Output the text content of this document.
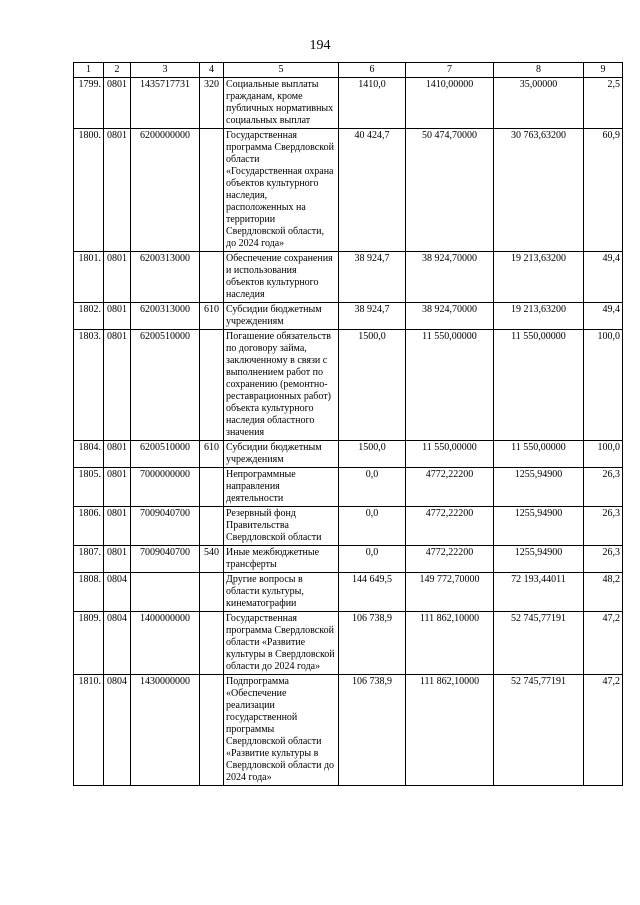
194
1	2	3	4	5	6	7	8	9
1799.	0801	1435717731	320	Социальные выплаты гражданам, кроме публичных нормативных социальных выплат	1410,0	1410,00000	35,00000	2,5
1800.	0801	6200000000		Государственная программа Свердловской области «Государственная охрана объектов культурного наследия, расположенных на территории Свердловской области, до 2024 года»	40 424,7	50 474,70000	30 763,63200	60,9
1801.	0801	6200313000		Обеспечение сохранения и использования объектов культурного наследия	38 924,7	38 924,70000	19 213,63200	49,4
1802.	0801	6200313000	610	Субсидии бюджетным учреждениям	38 924,7	38 924,70000	19 213,63200	49,4
1803.	0801	6200510000		Погашение обязательств по договору займа, заключенному в связи с выполнением работ по сохранению (ремонтно-реставрационных работ) объекта культурного наследия областного значения	1500,0	11 550,00000	11 550,00000	100,0
1804.	0801	6200510000	610	Субсидии бюджетным учреждениям	1500,0	11 550,00000	11 550,00000	100,0
1805.	0801	7000000000		Непрограммные направления деятельности	0,0	4772,22200	1255,94900	26,3
1806.	0801	7009040700		Резервный фонд Правительства Свердловской области	0,0	4772,22200	1255,94900	26,3
1807.	0801	7009040700	540	Иные межбюджетные трансферты	0,0	4772,22200	1255,94900	26,3
1808.	0804			Другие вопросы в области культуры, кинематографии	144 649,5	149 772,70000	72 193,44011	48,2
1809.	0804	1400000000		Государственная программа Свердловской области «Развитие культуры в Свердловской области до 2024 года»	106 738,9	111 862,10000	52 745,77191	47,2
1810.	0804	1430000000		Подпрограмма «Обеспечение реализации государственной программы Свердловской области «Развитие культуры в Свердловской области до 2024 года»	106 738,9	111 862,10000	52 745,77191	47,2
